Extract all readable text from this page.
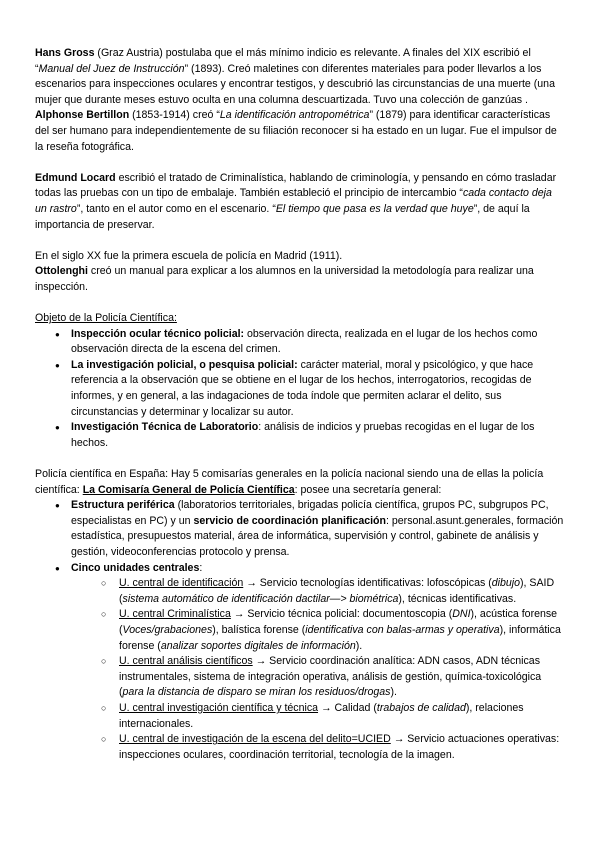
Hans Gross (Graz Austria) postulaba que el más mínimo indicio es relevante. A finales del XIX escribió el “Manual del Juez de Instrucción” (1893). Creó maletines con diferentes materiales para poder llevarlos a los escenarios para inspecciones oculares y encontrar testigos, y descubrió las circunstancias de una muerte (una mujer que durante meses estuvo oculta en una columna descuartizada. Tuvo una colección de ganzúas .

Alphonse Bertillon (1853-1914) creó “La identificación antropométrica” (1879) para identificar características del ser humano para independientemente de su filiación reconocer si ha estado en un lugar. Fue el impulsor de la reseña fotográfica.

Edmund Locard escribió el tratado de Criminalística, hablando de criminología, y pensando en cómo trasladar todas las pruebas con un tipo de embalaje. También estableció el principio de intercambio “cada contacto deja un rastro”, tanto en el autor como en el escenario. “El tiempo que pasa es la verdad que huye”, de aquí la importancia de preservar.

En el siglo XX fue la primera escuela de policía en Madrid (1911).

Ottolenghi creó un manual para explicar a los alumnos en la universidad la metodología para realizar una inspección.

Objeto de la Policía Científica:

● Inspección ocular técnico policial: observación directa, realizada en el lugar de los hechos como observación directa de la escena del crimen.
● La investigación policial, o pesquisa policial: carácter material, moral y psicológico, y que hace referencia a la observación que se obtiene en el lugar de los hechos, interrogatorios, recogidas de informes, y en general, a las indagaciones de toda índole que permiten aclarar el delito, sus circunstancias y determinar y localizar su autor.
● Investigación Técnica de Laboratorio: análisis de indicios y pruebas recogidas en el lugar de los hechos.

Policía científica en España: Hay 5 comisarías generales en la policía nacional siendo una de ellas la policía científica: La Comisaría General de Policía Científica: posee una secretaría general:

● Estructura periférica (laboratorios territoriales, brigadas policía científica, grupos PC, subgrupos PC, especialistas en PC) y un servicio de coordinación planificación: personal.asunt.generales, formación estadística, presupuestos material, área de informática, supervisión y control, gabinete de análisis y gestión, videoconferencias protocolo y prensa.
● Cinco unidades centrales:
○ U. central de identificación → Servicio tecnologías identificativas: lofoscópicas (dibujo), SAID (sistema automático de identificación dactilar—> biométrica), técnicas identificativas.
○ U. central Criminalística → Servicio técnica policial: documentoscopia (DNI), acústica forense (Voces/grabaciones), balística forense (identificativa con balas-armas y operativa), informática forense (analizar soportes digitales de información).
○ U. central análisis científicos → Servicio coordinación analítica: ADN casos, ADN técnicas instrumentales, sistema de integración operativa, análisis de gestión, química-toxicológica (para la distancia de disparo se miran los residuos/drogas).
○ U. central investigación científica y técnica → Calidad (trabajos de calidad), relaciones internacionales.
○ U. central de investigación de la escena del delito=UCIED → Servicio actuaciones operativas: inspecciones oculares, coordinación territorial, tecnología de la imagen.
